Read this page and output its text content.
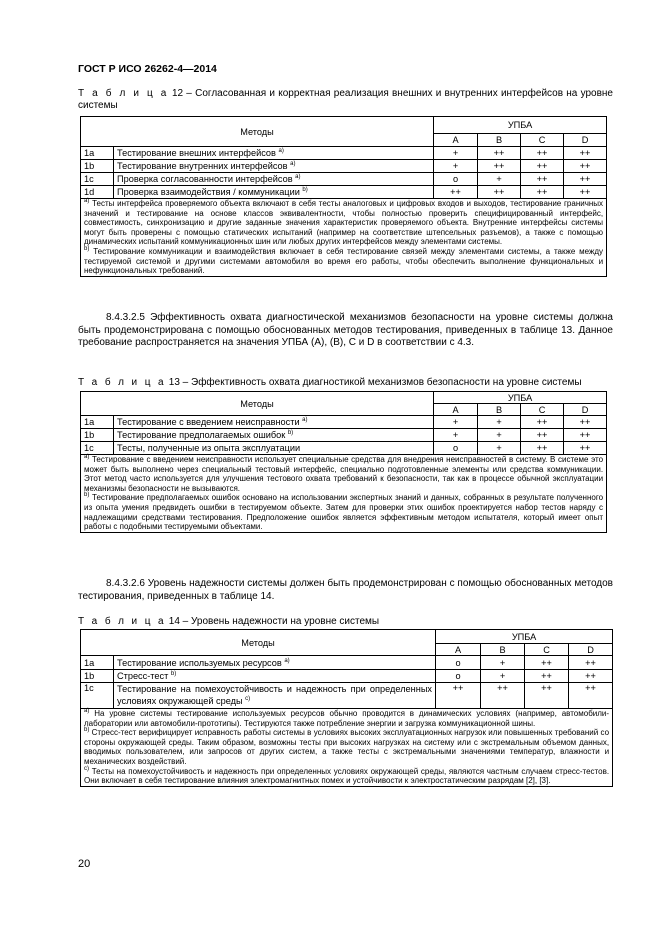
ГОСТ Р ИСО 26262-4—2014
Т а б л и ц а 12 – Согласованная и корректная реализация внешних и внутренних интерфейсов на уровне системы
Методы		УПБА			
		A	B	C	D
1a	Тестирование внешних интерфейсов $^{a)}$	+	++	++	++
1b	Тестирование внутренних интерфейсов $^{a)}$	+	++	++	++
1c	Проверка согласованности интерфейсов $^{a)}$	o	+	++	++
1d	Проверка взаимодействия / коммуникации $^{b)}$	++	++	++	++

$^{a)}$ Тесты интерфейса проверяемого объекта включают в себя тесты аналоговых и цифровых входов и выходов, тестирование граничных значений и тестирование на основе классов эквивалентности, чтобы полностью проверить специфицированный интерфейс, совместимость, синхронизацию и другие заданные значения характеристик проверяемого объекта. Внутренние интерфейсы системы могут быть проверены с помощью статических испытаний (например на соответствие штепсельных разъемов), а также с помощью динамических испытаний коммуникационных шин или любых других интерфейсов между элементами системы.
$^{b)}$ Тестирование коммуникации и взаимодействия включает в себя тестирование связей между элементами системы, а также между тестируемой системой и другими системами автомобиля во время его работы, чтобы обеспечить выполнение функциональных и нефункциональных требований.					
8.4.3.2.5 Эффективность охвата диагностической механизмов безопасности на уровне системы должна быть продемонстрирована с помощью обоснованных методов тестирования, приведенных в таблице 13. Данное требование распространяется на значения УПБА (A), (B), C и D в соответствии с 4.3.
Т а б л и ц а 13 – Эффективность охвата диагностикой механизмов безопасности на уровне системы
Методы		УПБА			
		A	B	C	D
1a	Тестирование с введением неисправности $^{a)}$	+	+	++	++
1b	Тестирование предполагаемых ошибок $^{b)}$	+	+	++	++
1c	Тесты, полученные из опыта эксплуатации	o	+	++	++

$^{a)}$ Тестирование с введением неисправности использует специальные средства для внедрения неисправностей в систему. В системе это может быть выполнено через специальный тестовый интерфейс, специально подготовленные элементы или средства коммуникации. Этот метод часто используется для улучшения тестового охвата требований к безопасности, так как в процессе обычной эксплуатации механизмы безопасности не вызываются.
$^{b)}$ Тестирование предполагаемых ошибок основано на использовании экспертных знаний и данных, собранных в результате полученного из опыта умения предвидеть ошибки в тестируемом объекте. Затем для проверки этих ошибок проектируется набор тестов наряду с надлежащими средствами тестирования. Предположение ошибок является эффективным методом испытателя, который имеет опыт работы с подобными тестируемыми объектами.					
8.4.3.2.6 Уровень надежности системы должен быть продемонстрирован с помощью обоснованных методов тестирования, приведенных в таблице 14.
Т а б л и ц а 14 – Уровень надежности на уровне системы
Методы		УПБА			
		A	B	C	D
1a	Тестирование используемых ресурсов $^{a)}$	o	+	++	++
1b	Стресс-тест $^{b)}$	o	+	++	++
1c	Тестирование на помехоустойчивость и надежность при определенных условиях окружающей среды $^{c)}$	++	++	++	++

$^{a)}$ На уровне системы тестирование используемых ресурсов обычно проводится в динамических условиях (например, автомобили-лаборатории или автомобили-прототипы). Тестируются также потребление энергии и загрузка коммуникационной шины.
$^{b)}$ Стресс-тест верифицирует исправность работы системы в условиях высоких эксплуатационных нагрузок или повышенных требований со стороны окружающей среды. Таким образом, возможны тесты при высоких нагрузках на систему или с экстремальным объемом данных, вводимых пользователем, или запросов от других систем, а также тесты с экстремальными значениями температур, влажности и механических воздействий.
$^{c)}$ Тесты на помехоустойчивость и надежность при определенных условиях окружающей среды, являются частным случаем стресс-тестов. Они включает в себя тестирование влияния электромагнитных помех и устойчивости к электростатическим разрядам [2], [3].					
20
